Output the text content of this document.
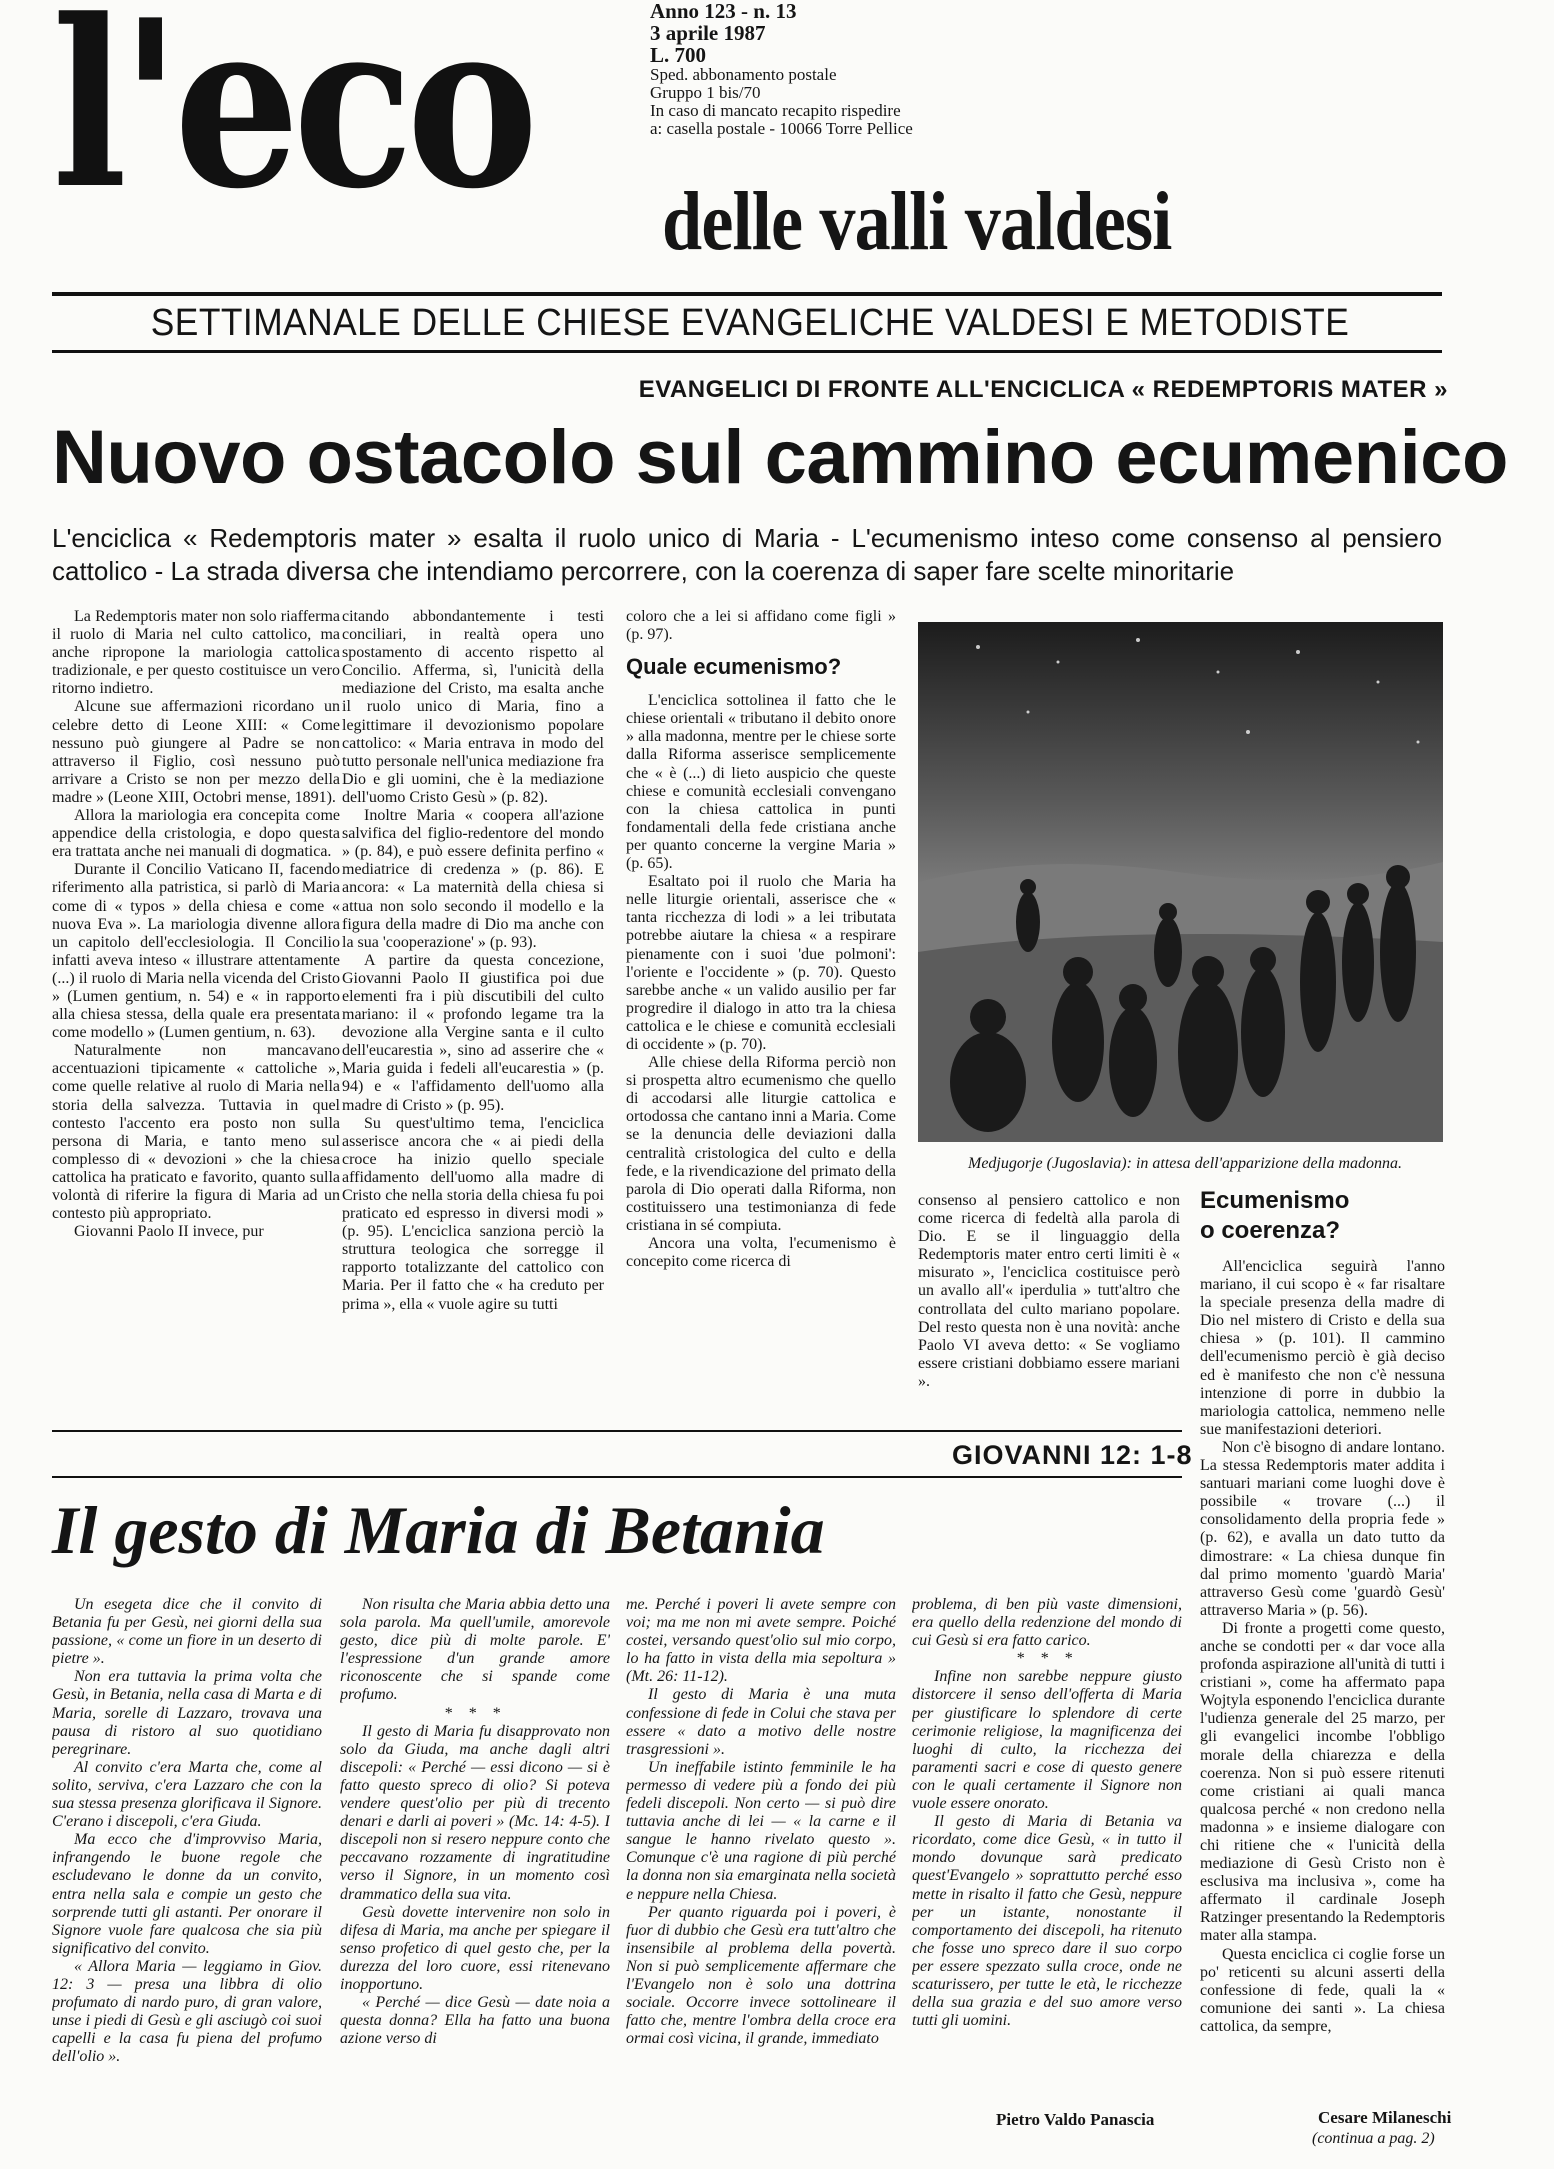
l'eco	Anno 123 - n. 13
3 aprile 1987
L. 700
Sped. abbonamento postale
Gruppo 1 bis/70
In caso di mancato recapito rispedire
a: casella postale - 10066 Torre Pellice
delle valli valdesi
SETTIMANALE DELLE CHIESE EVANGELICHE VALDESI E METODISTE
EVANGELICI DI FRONTE ALL'ENCICLICA « REDEMPTORIS MATER »
Nuovo ostacolo sul cammino ecumenico
L'enciclica « Redemptoris mater » esalta il ruolo unico di Maria - L'ecumenismo inteso come consenso al pensiero cattolico - La strada diversa che intendiamo percorrere, con la coerenza di saper fare scelte minoritarie

La Redemptoris mater non solo riafferma il ruolo di Maria nel culto cattolico, ma anche ripropone la mariologia cattolica tradizionale, e per questo costituisce un vero ritorno indietro.

Alcune sue affermazioni ricordano un celebre detto di Leone XIII: « Come nessuno può giungere al Padre se non attraverso il Figlio, così nessuno può arrivare a Cristo se non per mezzo della madre » (Leone XIII, Octobri mense, 1891).

Allora la mariologia era concepita come appendice della cristologia, e dopo questa era trattata anche nei manuali di dogmatica.

Durante il Concilio Vaticano II, facendo riferimento alla patristica, si parlò di Maria come di « typos » della chiesa e come « nuova Eva ». La mariologia divenne allora un capitolo dell'ecclesiologia. Il Concilio infatti aveva inteso « illustrare attentamente (...) il ruolo di Maria nella vicenda del Cristo » (Lumen gentium, n. 54) e « in rapporto alla chiesa stessa, della quale era presentata come modello » (Lumen gentium, n. 63).

Naturalmente non mancavano accentuazioni tipicamente « cattoliche », come quelle relative al ruolo di Maria nella storia della salvezza. Tuttavia in quel contesto l'accento era posto non sulla persona di Maria, e tanto meno sul complesso di « devozioni » che la chiesa cattolica ha praticato e favorito, quanto sulla volontà di riferire la figura di Maria ad un contesto più appropriato.

Giovanni Paolo II invece, pur

citando abbondantemente i testi conciliari, in realtà opera uno spostamento di accento rispetto al Concilio. Afferma, sì, l'unicità della mediazione del Cristo, ma esalta anche il ruolo unico di Maria, fino a legittimare il devozionismo popolare cattolico: « Maria entrava in modo del tutto personale nell'unica mediazione fra Dio e gli uomini, che è la mediazione dell'uomo Cristo Gesù » (p. 82).

Inoltre Maria « coopera all'azione salvifica del figlio-redentore del mondo » (p. 84), e può essere definita perfino « mediatrice di credenza » (p. 86). E ancora: « La maternità della chiesa si attua non solo secondo il modello e la figura della madre di Dio ma anche con la sua 'cooperazione' » (p. 93).

A partire da questa concezione, Giovanni Paolo II giustifica poi due elementi fra i più discutibili del culto mariano: il « profondo legame tra la devozione alla Vergine santa e il culto dell'eucarestia », sino ad asserire che « Maria guida i fedeli all'eucarestia » (p. 94) e « l'affidamento dell'uomo alla madre di Cristo » (p. 95).

Su quest'ultimo tema, l'enciclica asserisce ancora che « ai piedi della croce ha inizio quello speciale affidamento dell'uomo alla madre di Cristo che nella storia della chiesa fu poi praticato ed espresso in diversi modi » (p. 95). L'enciclica sanziona perciò la struttura teologica che sorregge il rapporto totalizzante del cattolico con Maria. Per il fatto che « ha creduto per prima », ella « vuole agire su tutti

coloro che a lei si affidano come figli » (p. 97).

Quale ecumenismo?

L'enciclica sottolinea il fatto che le chiese orientali « tributano il debito onore » alla madonna, mentre per le chiese sorte dalla Riforma asserisce semplicemente che « è (...) di lieto auspicio che queste chiese e comunità ecclesiali convengano con la chiesa cattolica in punti fondamentali della fede cristiana anche per quanto concerne la vergine Maria » (p. 65).

Esaltato poi il ruolo che Maria ha nelle liturgie orientali, asserisce che « tanta ricchezza di lodi » a lei tributata potrebbe aiutare la chiesa « a respirare pienamente con i suoi 'due polmoni': l'oriente e l'occidente » (p. 70). Questo sarebbe anche « un valido ausilio per far progredire il dialogo in atto tra la chiesa cattolica e le chiese e comunità ecclesiali di occidente » (p. 70).

Alle chiese della Riforma perciò non si prospetta altro ecumenismo che quello di accodarsi alle liturgie cattolica e ortodossa che cantano inni a Maria. Come se la denuncia delle deviazioni dalla centralità cristologica del culto e della fede, e la rivendicazione del primato della parola di Dio operati dalla Riforma, non costituissero una testimonianza di fede cristiana in sé compiuta.

Ancora una volta, l'ecumenismo è concepito come ricerca di

Medjugorje (Jugoslavia): in attesa dell'apparizione della madonna.

consenso al pensiero cattolico e non come ricerca di fedeltà alla parola di Dio. E se il linguaggio della Redemptoris mater entro certi limiti è « misurato », l'enciclica costituisce però un avallo all'« iperdulia » tutt'altro che controllata del culto mariano popolare. Del resto questa non è una novità: anche Paolo VI aveva detto: « Se vogliamo essere cristiani dobbiamo essere mariani ».

Ecumenismo o coerenza?

All'enciclica seguirà l'anno mariano, il cui scopo è « far risaltare la speciale presenza della madre di Dio nel mistero di Cristo e della sua chiesa » (p. 101). Il cammino dell'ecumenismo perciò è già deciso ed è manifesto che non c'è nessuna intenzione di porre in dubbio la mariologia cattolica, nemmeno nelle sue manifestazioni deteriori.

Non c'è bisogno di andare lontano. La stessa Redemptoris mater addita i santuari mariani come luoghi dove è possibile « trovare (...) il consolidamento della propria fede » (p. 62), e avalla un dato tutto da dimostrare: « La chiesa dunque fin dal primo momento 'guardò Maria' attraverso Gesù come 'guardò Gesù' attraverso Maria » (p. 56).

Di fronte a progetti come questo, anche se condotti per « dar voce alla profonda aspirazione all'unità di tutti i cristiani », come ha affermato papa Wojtyla esponendo l'enciclica durante l'udienza generale del 25 marzo, per gli evangelici incombe l'obbligo morale della chiarezza e della coerenza. Non si può essere ritenuti come cristiani ai quali manca qualcosa perché « non credono nella madonna » e insieme dialogare con chi ritiene che « l'unicità della mediazione di Gesù Cristo non è esclusiva ma inclusiva », come ha affermato il cardinale Joseph Ratzinger presentando la Redemptoris mater alla stampa.

Questa enciclica ci coglie forse un po' reticenti su alcuni asserti della confessione di fede, quali la « comunione dei santi ». La chiesa cattolica, da sempre,

Cesare Milaneschi
(continua a pag. 2)
GIOVANNI 12: 1-8
Il gesto di Maria di Betania

Un esegeta dice che il convito di Betania fu per Gesù, nei giorni della sua passione, « come un fiore in un deserto di pietre ».

Non era tuttavia la prima volta che Gesù, in Betania, nella casa di Marta e di Maria, sorelle di Lazzaro, trovava una pausa di ristoro al suo quotidiano peregrinare.

Al convito c'era Marta che, come al solito, serviva, c'era Lazzaro che con la sua stessa presenza glorificava il Signore. C'erano i discepoli, c'era Giuda.

Ma ecco che d'improvviso Maria, infrangendo le buone regole che escludevano le donne da un convito, entra nella sala e compie un gesto che sorprende tutti gli astanti. Per onorare il Signore vuole fare qualcosa che sia più significativo del convito.

« Allora Maria — leggiamo in Giov. 12: 3 — presa una libbra di olio profumato di nardo puro, di gran valore, unse i piedi di Gesù e gli asciugò coi suoi capelli e la casa fu piena del profumo dell'olio ».

Non risulta che Maria abbia detto una sola parola. Ma quell'umile, amorevole gesto, dice più di molte parole. E' l'espressione d'un grande amore riconoscente che si spande come profumo.

* * *

Il gesto di Maria fu disapprovato non solo da Giuda, ma anche dagli altri discepoli: « Perché — essi dicono — si è fatto questo spreco di olio? Si poteva vendere quest'olio per più di trecento denari e darli ai poveri » (Mc. 14: 4-5). I discepoli non si resero neppure conto che peccavano rozzamente di ingratitudine verso il Signore, in un momento così drammatico della sua vita.

Gesù dovette intervenire non solo in difesa di Maria, ma anche per spiegare il senso profetico di quel gesto che, per la durezza del loro cuore, essi ritenevano inopportuno.

« Perché — dice Gesù — date noia a questa donna? Ella ha fatto una buona azione verso di

me. Perché i poveri li avete sempre con voi; ma me non mi avete sempre. Poiché costei, versando quest'olio sul mio corpo, lo ha fatto in vista della mia sepoltura » (Mt. 26: 11-12).

Il gesto di Maria è una muta confessione di fede in Colui che stava per essere « dato a motivo delle nostre trasgressioni ».

Un ineffabile istinto femminile le ha permesso di vedere più a fondo dei più fedeli discepoli. Non certo — si può dire tuttavia anche di lei — « la carne e il sangue le hanno rivelato questo ». Comunque c'è una ragione di più perché la donna non sia emarginata nella società e neppure nella Chiesa.

Per quanto riguarda poi i poveri, è fuor di dubbio che Gesù era tutt'altro che insensibile al problema della povertà. Non si può semplicemente affermare che l'Evangelo non è solo una dottrina sociale. Occorre invece sottolineare il fatto che, mentre l'ombra della croce era ormai così vicina, il grande, immediato

problema, di ben più vaste dimensioni, era quello della redenzione del mondo di cui Gesù si era fatto carico.

* * *

Infine non sarebbe neppure giusto distorcere il senso dell'offerta di Maria per giustificare lo splendore di certe cerimonie religiose, la magnificenza dei luoghi di culto, la ricchezza dei paramenti sacri e cose di questo genere con le quali certamente il Signore non vuole essere onorato.

Il gesto di Maria di Betania va ricordato, come dice Gesù, « in tutto il mondo dovunque sarà predicato quest'Evangelo » soprattutto perché esso mette in risalto il fatto che Gesù, neppure per un istante, nonostante il comportamento dei discepoli, ha ritenuto che fosse uno spreco dare il suo corpo per essere spezzato sulla croce, onde ne scaturissero, per tutte le età, le ricchezze della sua grazia e del suo amore verso tutti gli uomini.

Pietro Valdo Panascia
